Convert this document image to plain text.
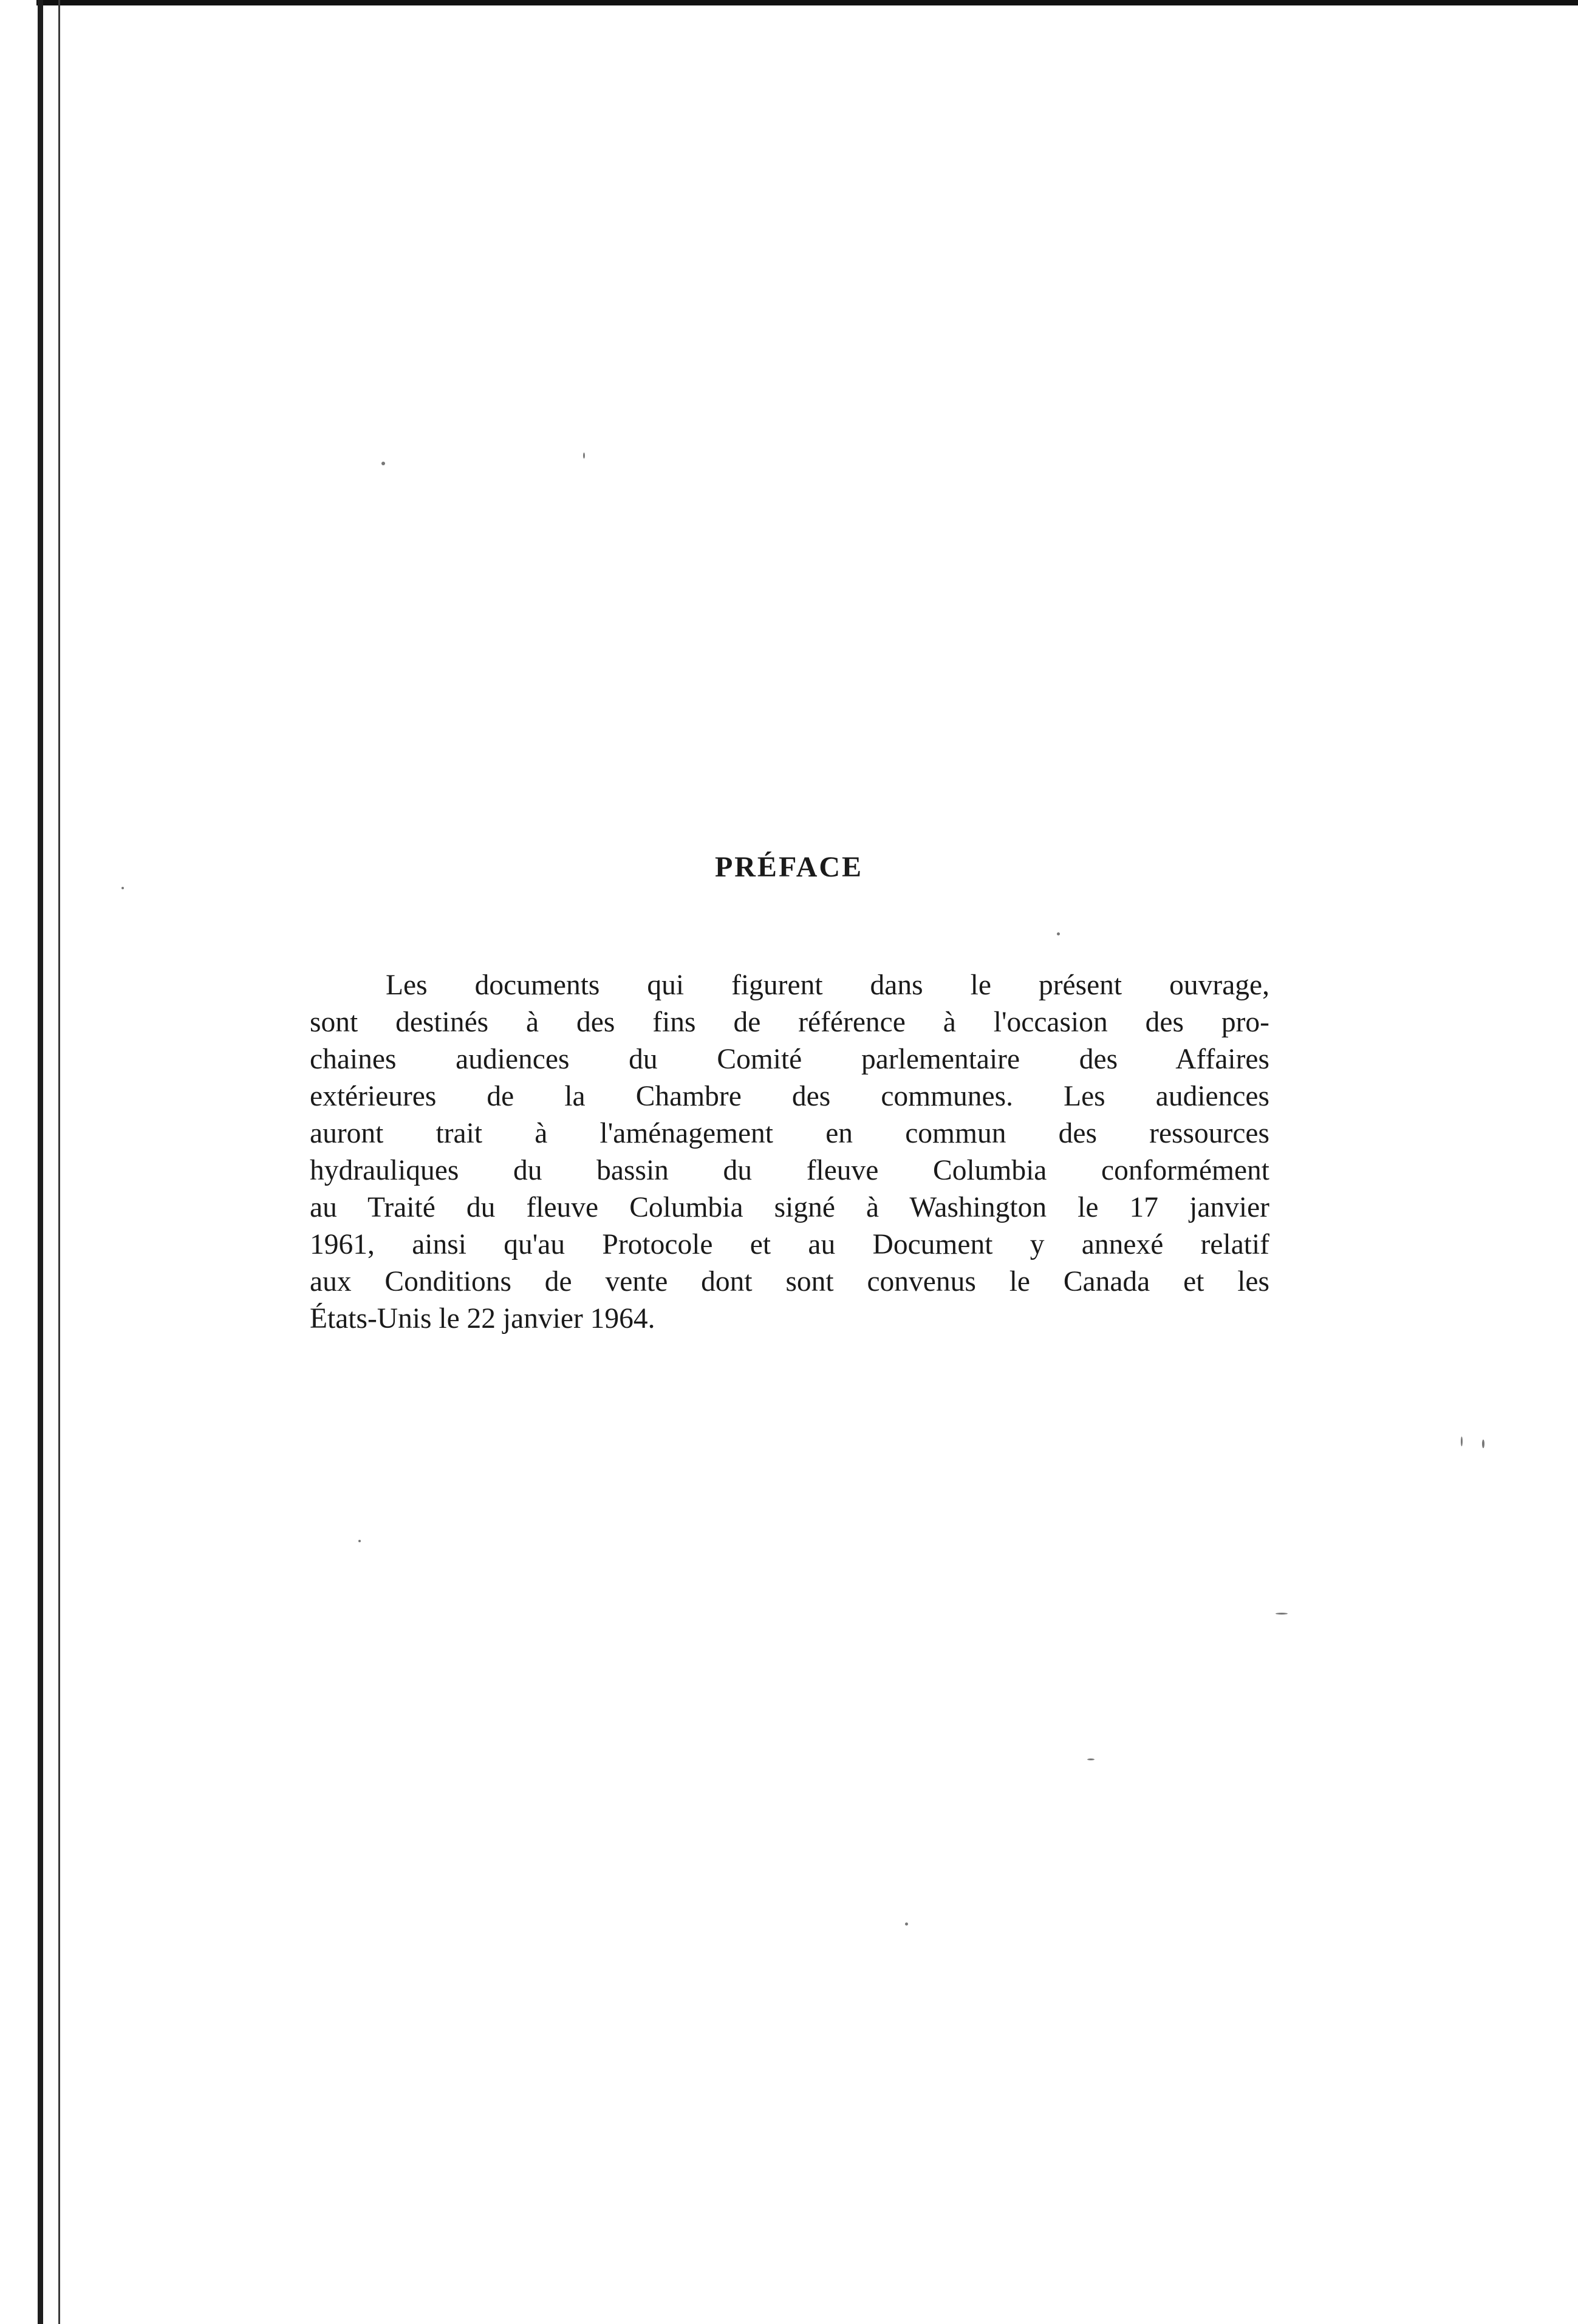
PRÉFACE

Les documents qui figurent dans le présent ouvrage,
sont destinés à des fins de référence à l'occasion des pro-
chaines audiences du Comité parlementaire des Affaires
extérieures de la Chambre des communes. Les audiences
auront trait à l'aménagement en commun des ressources
hydrauliques du bassin du fleuve Columbia conformément
au Traité du fleuve Columbia signé à Washington le 17 janvier
1961, ainsi qu'au Protocole et au Document y annexé relatif
aux Conditions de vente dont sont convenus le Canada et les
États-Unis le 22 janvier 1964.
